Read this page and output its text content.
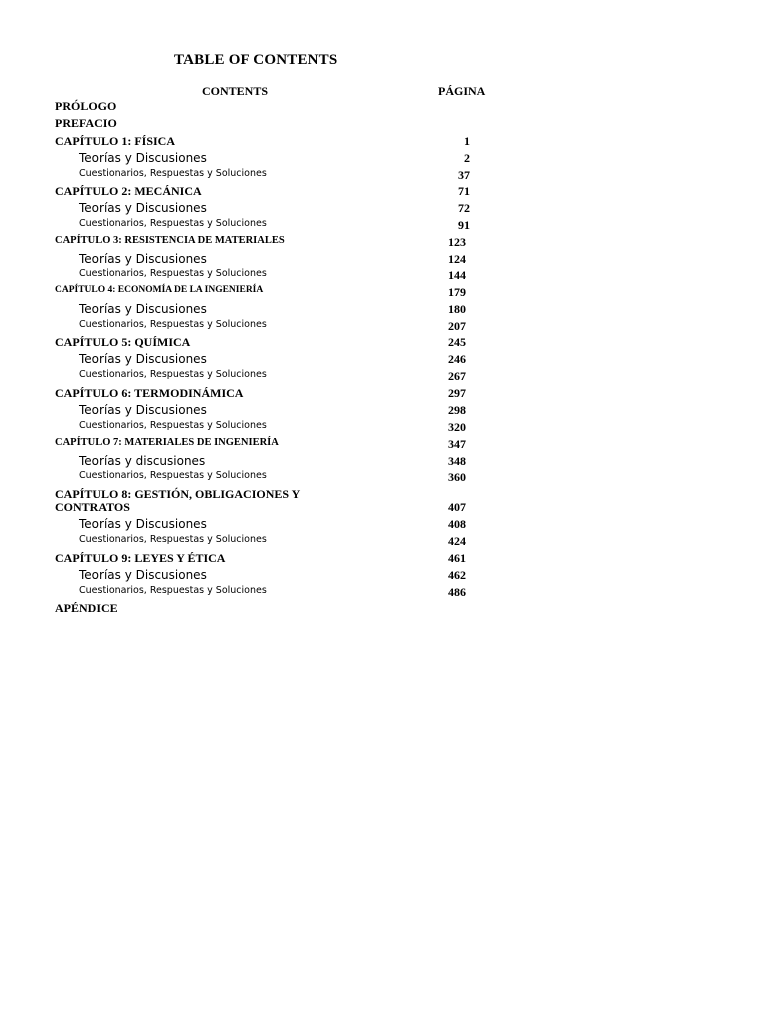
TABLE OF CONTENTS
CONTENTS	PÁGINA
PRÓLOGO
PREFACIO
CAPÍTULO 1: FÍSICA	1
Teorías y Discusiones	2
Cuestionarios, Respuestas y Soluciones	37
CAPÍTULO 2: MECÁNICA	71
Teorías y Discusiones	72
Cuestionarios, Respuestas y Soluciones	91
CAPÍTULO 3: RESISTENCIA DE MATERIALES	123
Teorías y Discusiones	124
Cuestionarios, Respuestas y Soluciones	144
CAPÍTULO 4: ECONOMÍA DE LA INGENIERÍA	179
Teorías y Discusiones	180
Cuestionarios, Respuestas y Soluciones	207
CAPÍTULO 5: QUÍMICA	245
Teorías y Discusiones	246
Cuestionarios, Respuestas y Soluciones	267
CAPÍTULO 6: TERMODINÁMICA	297
Teorías y Discusiones	298
Cuestionarios, Respuestas y Soluciones	320
CAPÍTULO 7: MATERIALES DE INGENIERÍA	347
Teorías y discusiones	348
Cuestionarios, Respuestas y Soluciones	360
CAPÍTULO 8: GESTIÓN, OBLIGACIONES Y
CONTRATOS	407
Teorías y Discusiones	408
Cuestionarios, Respuestas y Soluciones	424
CAPÍTULO 9: LEYES Y ÉTICA	461
Teorías y Discusiones	462
Cuestionarios, Respuestas y Soluciones	486
APÉNDICE
